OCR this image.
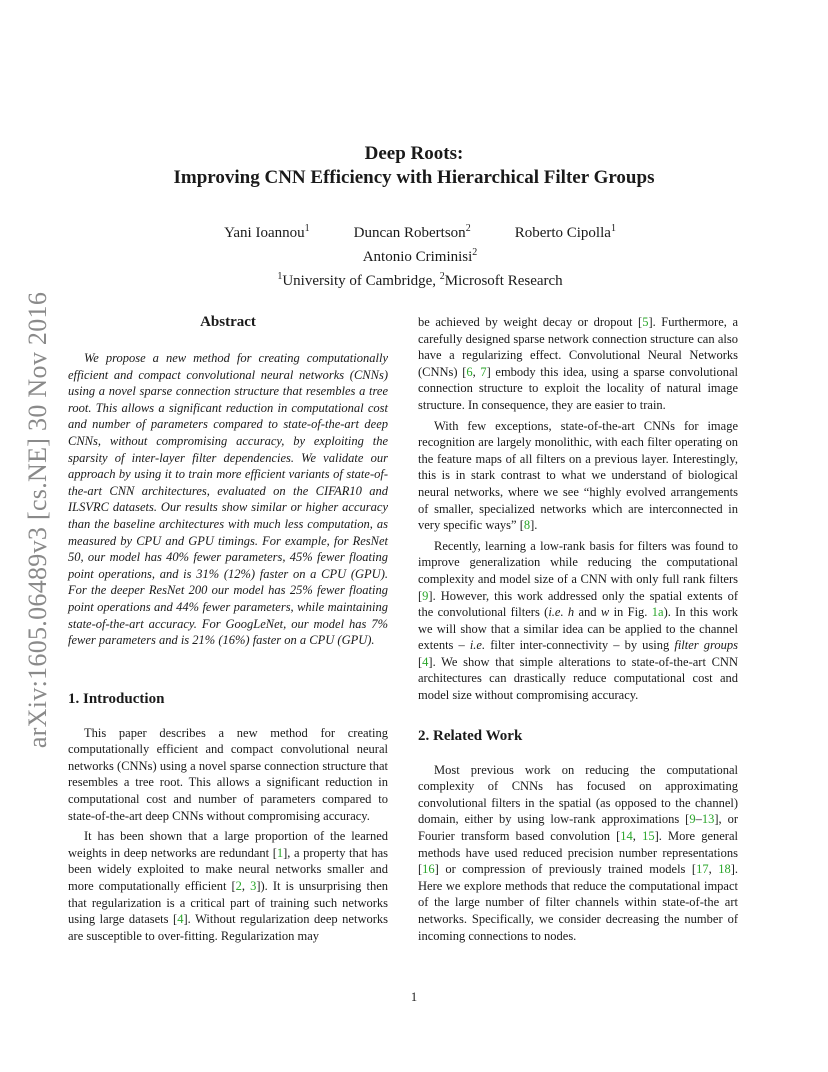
arXiv:1605.06489v3 [cs.NE] 30 Nov 2016
Deep Roots:
Improving CNN Efficiency with Hierarchical Filter Groups
Yani Ioannou$^1$	Duncan Robertson$^2$	Roberto Cipolla$^1$
Antonio Criminisi$^2$
$^1$University of Cambridge, $^2$Microsoft Research
Abstract

We propose a new method for creating computationally efficient and compact convolutional neural networks (CNNs) using a novel sparse connection structure that resembles a tree root. This allows a significant reduction in computational cost and number of parameters compared to state-of-the-art deep CNNs, without compromising accuracy, by exploiting the sparsity of inter-layer filter dependencies. We validate our approach by using it to train more efficient variants of state-of-the-art CNN architectures, evaluated on the CIFAR10 and ILSVRC datasets. Our results show similar or higher accuracy than the baseline architectures with much less computation, as measured by CPU and GPU timings. For example, for ResNet 50, our model has 40% fewer parameters, 45% fewer floating point operations, and is 31% (12%) faster on a CPU (GPU). For the deeper ResNet 200 our model has 25% fewer floating point operations and 44% fewer parameters, while maintaining state-of-the-art accuracy. For GoogLeNet, our model has 7% fewer parameters and is 21% (16%) faster on a CPU (GPU).

1. Introduction

This paper describes a new method for creating computationally efficient and compact convolutional neural networks (CNNs) using a novel sparse connection structure that resembles a tree root. This allows a significant reduction in computational cost and number of parameters compared to state-of-the-art deep CNNs without compromising accuracy.

It has been shown that a large proportion of the learned weights in deep networks are redundant [1], a property that has been widely exploited to make neural networks smaller and more computationally efficient [2, 3]). It is unsurprising then that regularization is a critical part of training such networks using large datasets [4]. Without regularization deep networks are susceptible to over-fitting. Regularization may

be achieved by weight decay or dropout [5]. Furthermore, a carefully designed sparse network connection structure can also have a regularizing effect. Convolutional Neural Networks (CNNs) [6, 7] embody this idea, using a sparse convolutional connection structure to exploit the locality of natural image structure. In consequence, they are easier to train.

With few exceptions, state-of-the-art CNNs for image recognition are largely monolithic, with each filter operating on the feature maps of all filters on a previous layer. Interestingly, this is in stark contrast to what we understand of biological neural networks, where we see “highly evolved arrangements of smaller, specialized networks which are interconnected in very specific ways” [8].

Recently, learning a low-rank basis for filters was found to improve generalization while reducing the computational complexity and model size of a CNN with only full rank filters [9]. However, this work addressed only the spatial extents of the convolutional filters (i.e. h and w in Fig. 1a). In this work we will show that a similar idea can be applied to the channel extents – i.e. filter inter-connectivity – by using filter groups [4]. We show that simple alterations to state-of-the-art CNN architectures can drastically reduce computational cost and model size without compromising accuracy.

2. Related Work

Most previous work on reducing the computational complexity of CNNs has focused on approximating convolutional filters in the spatial (as opposed to the channel) domain, either by using low-rank approximations [9–13], or Fourier transform based convolution [14, 15]. More general methods have used reduced precision number representations [16] or compression of previously trained models [17, 18]. Here we explore methods that reduce the computational impact of the large number of filter channels within state-of-the art networks. Specifically, we consider decreasing the number of incoming connections to nodes.

1
